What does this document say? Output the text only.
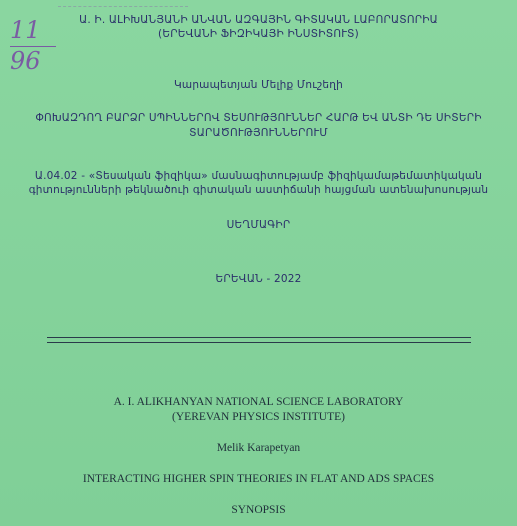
11
96
Ա. Ի. ԱԼԻԽԱՆՅԱՆԻ ԱՆՎԱՆ ԱԶԳԱՅԻՆ ԳԻՏԱԿԱՆ ԼԱԲՈՐԱՏՈՐԻԱ
(ԵՐԵՎԱՆԻ ՖԻԶԻԿԱՅԻ ԻՆՍՏԻՏՈՒՏ)
Կարապետյան Մելիք Մուշեղի
ՓՈԽԱԶԴՈՂ ԲԱՐՁՐ ՍՊԻՆՆԵՐՈՎ ՏԵՍՈՒԹՅՈՒՆՆԵՐ ՀԱՐԹ ԵՎ ԱՆՏԻ ԴԵ ՍԻՏԵՐԻ
ՏԱՐԱԾՈՒԹՅՈՒՆՆԵՐՈՒՄ
Ա.04.02 - «Տեսական ֆիզիկա» մասնագիտությամբ ֆիզիկամաթեմատիկական
գիտությունների թեկնածուի գիտական աստիճանի հայցման ատենախոսության
ՍԵՂՄԱԳԻՐ
ԵՐԵՎԱՆ - 2022
A. I. ALIKHANYAN NATIONAL SCIENCE LABORATORY
(YEREVAN PHYSICS INSTITUTE)
Melik Karapetyan
INTERACTING HIGHER SPIN THEORIES IN FLAT AND ADS SPACES
SYNOPSIS
